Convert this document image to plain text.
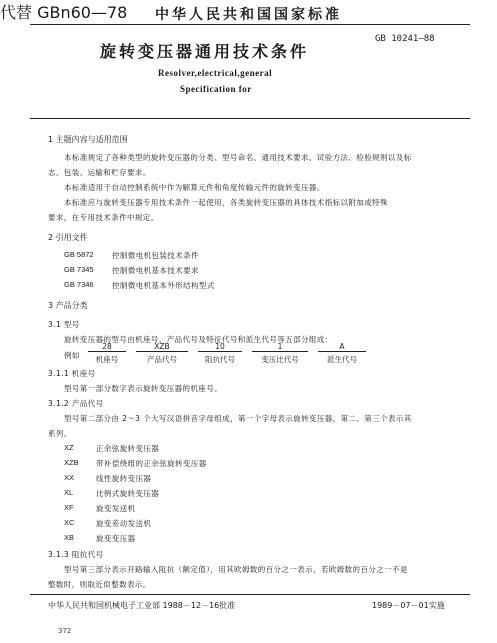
中华人民共和国国家标准
旋转变压器通用技术条件
GB 10241—88
代替 GBn60—78
Resolver,electrical,general
Specification for
1 主题内容与适用范围
本标准规定了各种类型的旋转变压器的分类、型号命名、通用技术要求、试验方法、检验规则以及标
志、包装、运输和贮存要求。
本标准适用于自动控制系统中作为解算元件和角度传输元件的旋转变压器。
本标准应与旋转变压器专用技术条件一起使用，各类旋转变压器的具体技术指标以附加或特殊
要求，在专用技术条件中规定。
2 引用文件
GB 5872 控制微电机包装技术条件
GB 7345 控制微电机基本技术要求
GB 7346 控制微电机基本外形结构型式
3 产品分类
3.1 型号
旋转变压器的型号由机座号、产品代号及特征代号和派生代号等五部分组成：
例如
28	XZB	10	1	A
机座号	产品代号	阻抗代号	变压比代号	派生代号
3.1.1 机座号
型号第一部分数字表示旋转变压器的机座号。
3.1.2 产品代号
型号第二部分由 2～3 个大写汉语拼音字母组成，第一个字母表示旋转变压器，第二、第三个表示其
系列。
XZ	正余弦旋转变压器
XZB 带补偿绕组的正余弦旋转变压器
XX	线性旋转变压器
XL	比例式旋转变压器
XF	旋变发送机
XC	旋变差动发送机
XB	旋变变压器
3.1.3 阻抗代号
型号第三部分表示开路输入阻抗（额定值），用其欧姆数的百分之一表示，若欧姆数的百分之一不是
整数时，则取近似整数表示。
中华人民共和国机械电子工业部 1988－12－16批准	1989－07－01实施
372
